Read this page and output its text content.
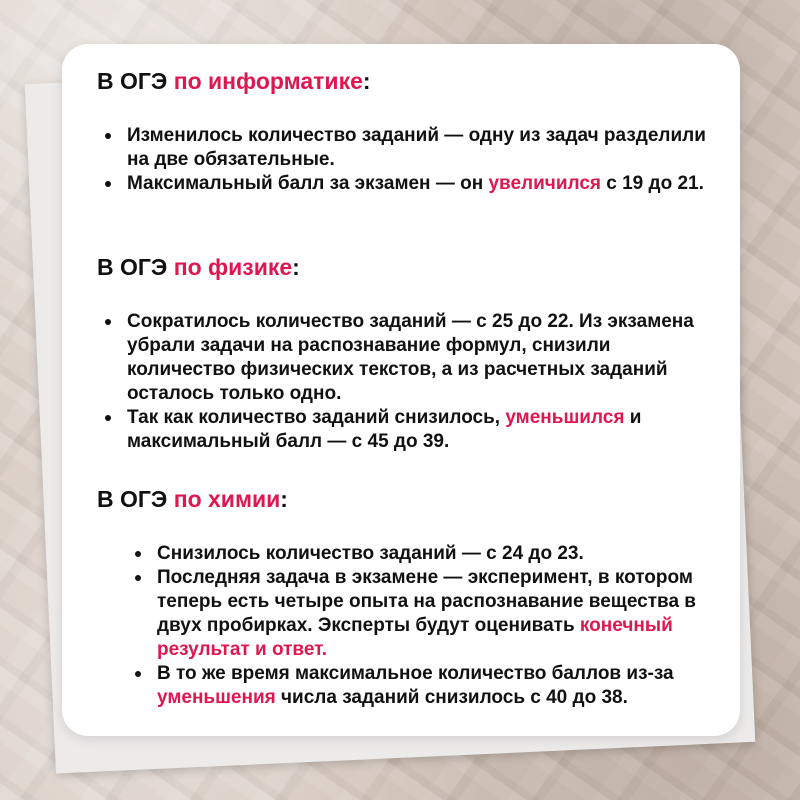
В ОГЭ по информатике:
Изменилось количество заданий — одну из задач разделили на две обязательные.
Максимальный балл за экзамен — он увеличился с 19 до 21.
В ОГЭ по физике:
Сократилось количество заданий — с 25 до 22. Из экзамена убрали задачи на распознавание формул, снизили количество физических текстов, а из расчетных заданий осталось только одно.
Так как количество заданий снизилось, уменьшился и максимальный балл — с 45 до 39.
В ОГЭ по химии:
Снизилось количество заданий — с 24 до 23.
Последняя задача в экзамене — эксперимент, в котором теперь есть четыре опыта на распознавание вещества в двух пробирках. Эксперты будут оценивать конечный результат и ответ.
В то же время максимальное количество баллов из-за уменьшения числа заданий снизилось с 40 до 38.
